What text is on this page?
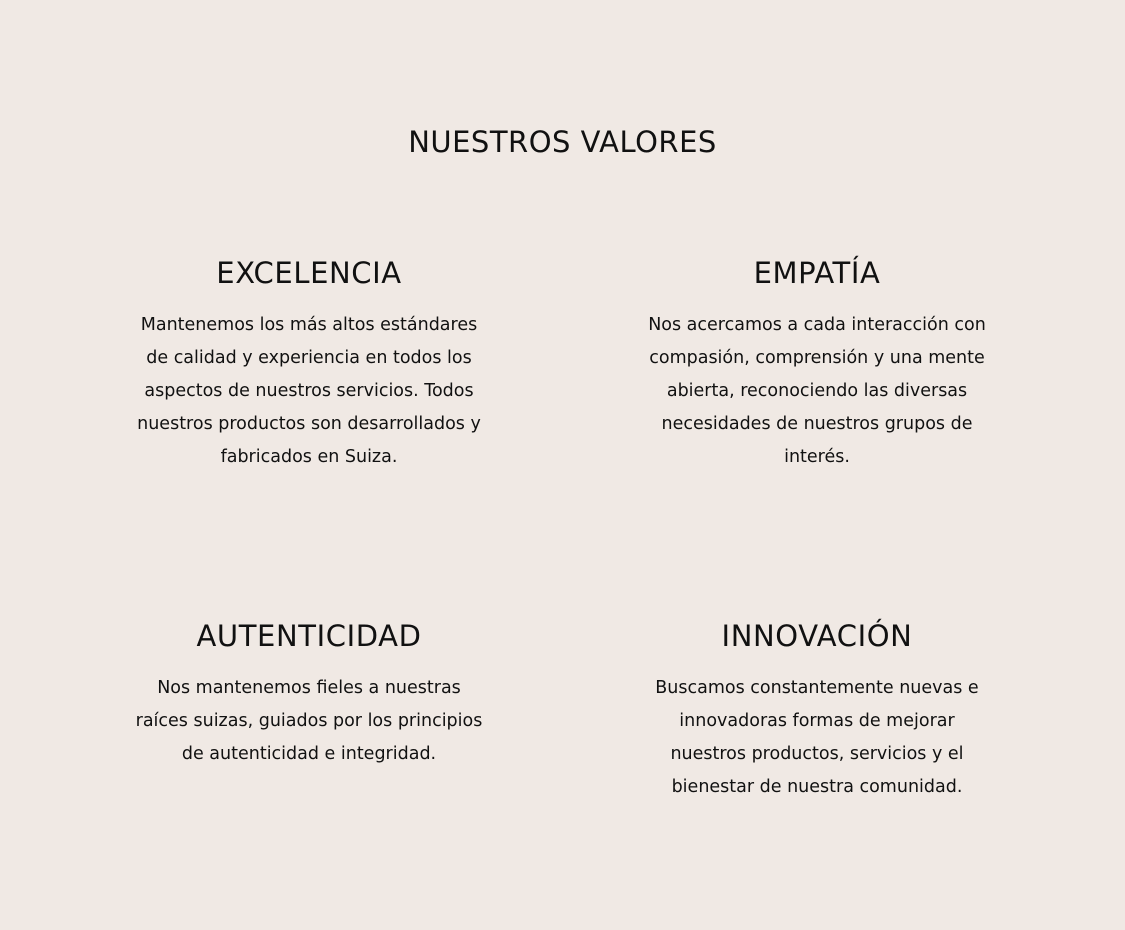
NUESTROS VALORES
EXCELENCIA

Mantenemos los más altos estándares de calidad y experiencia en todos los aspectos de nuestros servicios. Todos nuestros productos son desarrollados y fabricados en Suiza.

EMPATÍA

Nos acercamos a cada interacción con compasión, comprensión y una mente abierta, reconociendo las diversas necesidades de nuestros grupos de interés.

AUTENTICIDAD

Nos mantenemos fieles a nuestras raíces suizas, guiados por los principios de autenticidad e integridad.

INNOVACIÓN

Buscamos constantemente nuevas e innovadoras formas de mejorar nuestros productos, servicios y el bienestar de nuestra comunidad.
